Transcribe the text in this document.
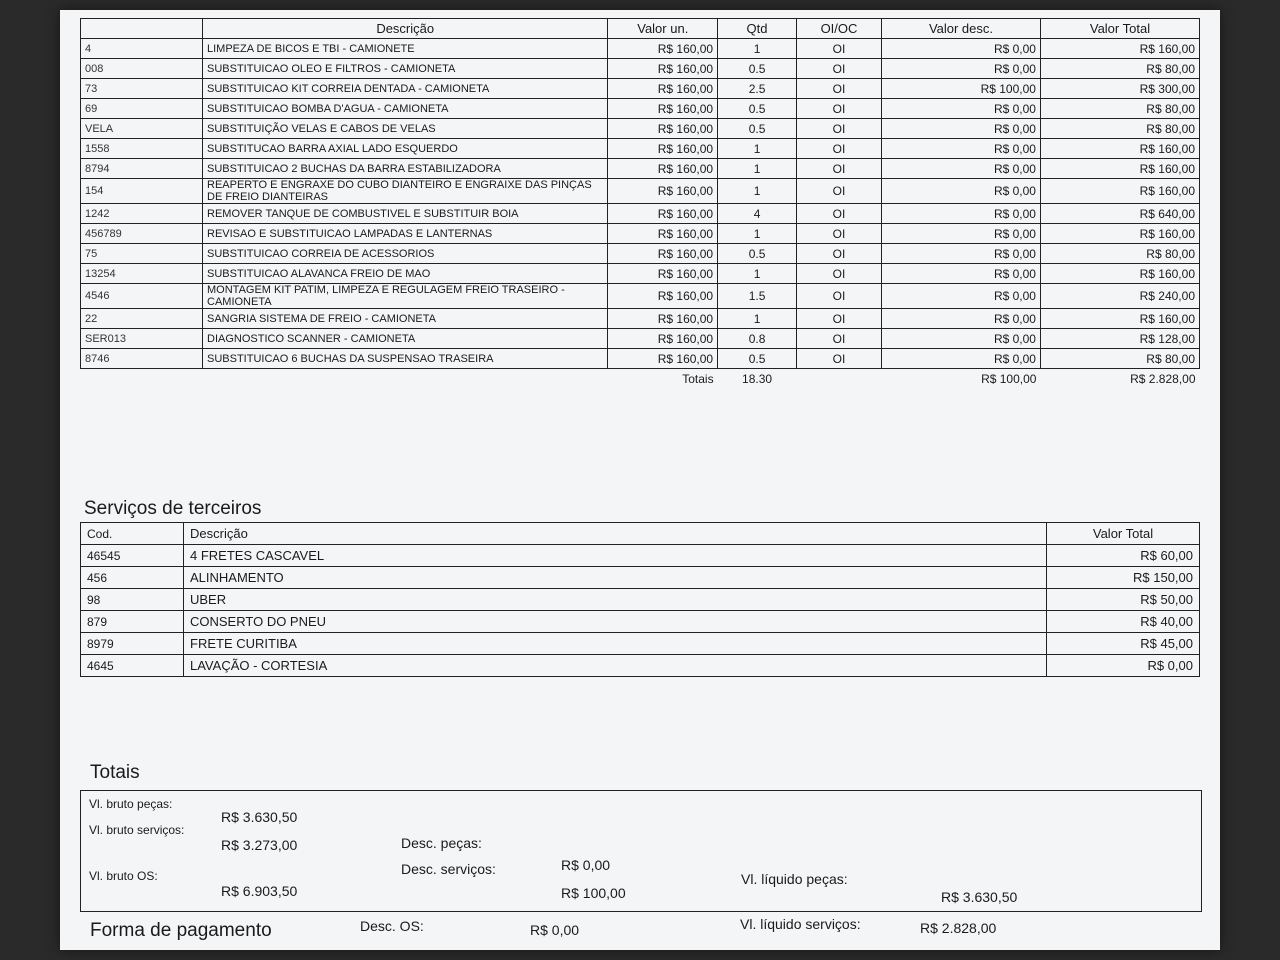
	Descrição	Valor un.	Qtd	OI/OC	Valor desc.	Valor Total
4	LIMPEZA DE BICOS E TBI - CAMIONETE	R$ 160,00	1	OI	R$ 0,00	R$ 160,00
008	SUBSTITUICAO OLEO E FILTROS - CAMIONETA	R$ 160,00	0.5	OI	R$ 0,00	R$ 80,00
73	SUBSTITUICAO KIT CORREIA DENTADA - CAMIONETA	R$ 160,00	2.5	OI	R$ 100,00	R$ 300,00
69	SUBSTITUICAO BOMBA D'AGUA - CAMIONETA	R$ 160,00	0.5	OI	R$ 0,00	R$ 80,00
VELA	SUBSTITUIÇÃO VELAS E CABOS DE VELAS	R$ 160,00	0.5	OI	R$ 0,00	R$ 80,00
1558	SUBSTITUCAO BARRA AXIAL LADO ESQUERDO	R$ 160,00	1	OI	R$ 0,00	R$ 160,00
8794	SUBSTITUICAO 2 BUCHAS DA BARRA ESTABILIZADORA	R$ 160,00	1	OI	R$ 0,00	R$ 160,00
154	REAPERTO E ENGRAXE DO CUBO DIANTEIRO E ENGRAIXE DAS PINÇAS DE FREIO DIANTEIRAS	R$ 160,00	1	OI	R$ 0,00	R$ 160,00
1242	REMOVER TANQUE DE COMBUSTIVEL E SUBSTITUIR BOIA	R$ 160,00	4	OI	R$ 0,00	R$ 640,00
456789	REVISAO E SUBSTITUICAO LAMPADAS E LANTERNAS	R$ 160,00	1	OI	R$ 0,00	R$ 160,00
75	SUBSTITUICAO CORREIA DE ACESSORIOS	R$ 160,00	0.5	OI	R$ 0,00	R$ 80,00
13254	SUBSTITUICAO ALAVANCA FREIO DE MAO	R$ 160,00	1	OI	R$ 0,00	R$ 160,00
4546	MONTAGEM KIT PATIM, LIMPEZA E REGULAGEM FREIO TRASEIRO - CAMIONETA	R$ 160,00	1.5	OI	R$ 0,00	R$ 240,00
22	SANGRIA SISTEMA DE FREIO - CAMIONETA	R$ 160,00	1	OI	R$ 0,00	R$ 160,00
SER013	DIAGNOSTICO SCANNER - CAMIONETA	R$ 160,00	0.8	OI	R$ 0,00	R$ 128,00
8746	SUBSTITUICAO 6 BUCHAS DA SUSPENSAO TRASEIRA	R$ 160,00	0.5	OI	R$ 0,00	R$ 80,00
		Totais	18.30		R$ 100,00	R$ 2.828,00
Serviços de terceiros
Cod.	Descrição	Valor Total
46545	4 FRETES CASCAVEL	R$ 60,00
456	ALINHAMENTO	R$ 150,00
98	UBER	R$ 50,00
879	CONSERTO DO PNEU	R$ 40,00
8979	FRETE CURITIBA	R$ 45,00
4645	LAVAÇÃO - CORTESIA	R$ 0,00
Totais
Vl. bruto peças:
R$ 3.630,50
Vl. bruto serviços:
R$ 3.273,00
Vl. bruto OS:
R$ 6.903,50
Desc. peças:
R$ 0,00
Desc. serviços:
R$ 100,00
Vl. líquido peças:
R$ 3.630,50
Desc. OS:	R$ 0,00	Vl. líquido serviços:	R$ 2.828,00
Forma de pagamento
